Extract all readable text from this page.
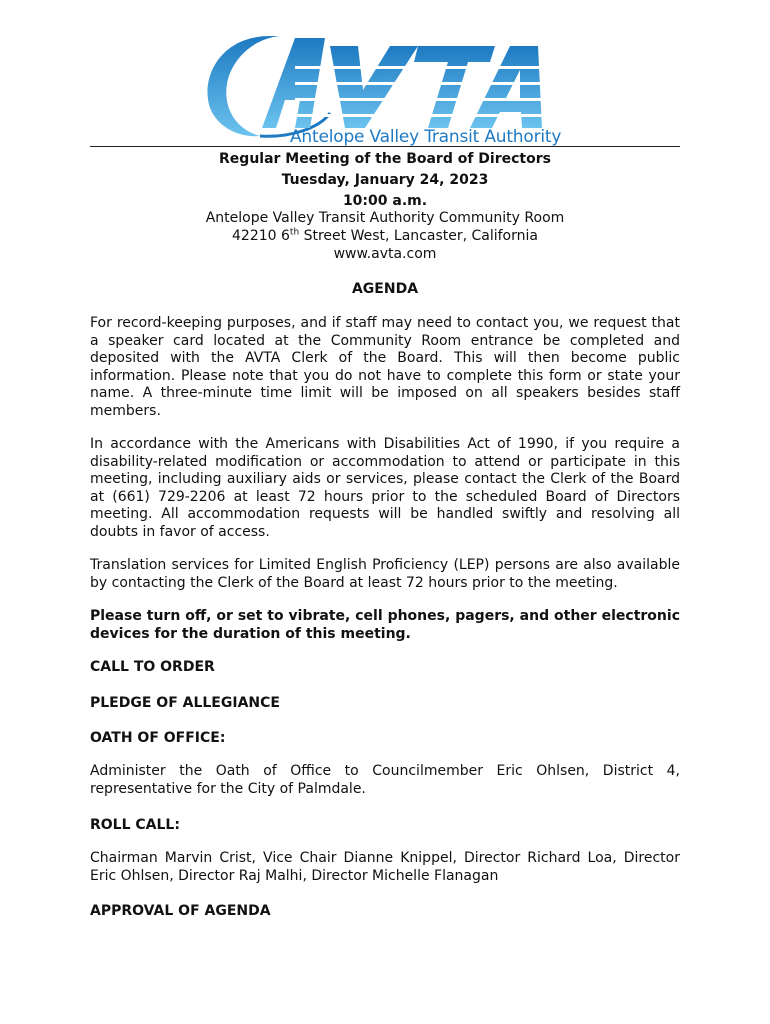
Antelope Valley Transit Authority
Regular Meeting of the Board of Directors
Tuesday, January 24, 2023
10:00 a.m.
Antelope Valley Transit Authority Community Room
42210 6th Street West, Lancaster, California
www.avta.com
AGENDA
For record-keeping purposes, and if staff may need to contact you, we request that a speaker card located at the Community Room entrance be completed and deposited with the AVTA Clerk of the Board. This will then become public information. Please note that you do not have to complete this form or state your name. A three-minute time limit will be imposed on all speakers besides staff members.
In accordance with the Americans with Disabilities Act of 1990, if you require a disability-related modification or accommodation to attend or participate in this meeting, including auxiliary aids or services, please contact the Clerk of the Board at (661) 729-2206 at least 72 hours prior to the scheduled Board of Directors meeting. All accommodation requests will be handled swiftly and resolving all doubts in favor of access.
Translation services for Limited English Proficiency (LEP) persons are also available by contacting the Clerk of the Board at least 72 hours prior to the meeting.
Please turn off, or set to vibrate, cell phones, pagers, and other electronic devices for the duration of this meeting.
CALL TO ORDER
PLEDGE OF ALLEGIANCE
OATH OF OFFICE:
Administer the Oath of Office to Councilmember Eric Ohlsen, District 4, representative for the City of Palmdale.
ROLL CALL:
Chairman Marvin Crist, Vice Chair Dianne Knippel, Director Richard Loa, Director Eric Ohlsen, Director Raj Malhi, Director Michelle Flanagan
APPROVAL OF AGENDA
